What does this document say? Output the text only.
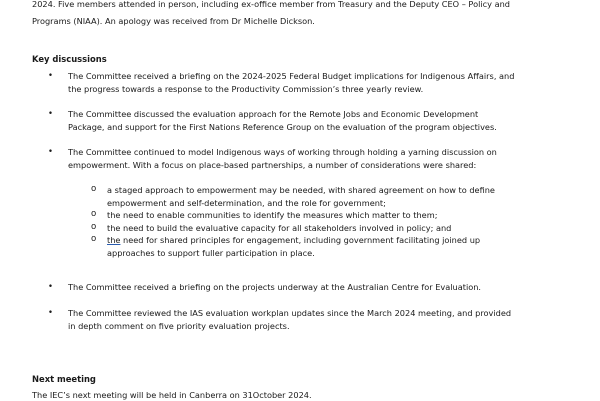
2024. Five members attended in person, including ex-office member from Treasury and the Deputy CEO – Policy and
Programs (NIAA). An apology was received from Dr Michelle Dickson.
Key discussions
• The Committee received a briefing on the 2024-2025 Federal Budget implications for Indigenous Affairs, and
the progress towards a response to the Productivity Commission’s three yearly review.
• The Committee discussed the evaluation approach for the Remote Jobs and Economic Development
Package, and support for the First Nations Reference Group on the evaluation of the program objectives.
• The Committee continued to model Indigenous ways of working through holding a yarning discussion on
empowerment. With a focus on place-based partnerships, a number of considerations were shared:
o a staged approach to empowerment may be needed, with shared agreement on how to define
empowerment and self-determination, and the role for government;
o the need to enable communities to identify the measures which matter to them;
o the need to build the evaluative capacity for all stakeholders involved in policy; and
o the need for shared principles for engagement, including government facilitating joined up
approaches to support fuller participation in place.
• The Committee received a briefing on the projects underway at the Australian Centre for Evaluation.
• The Committee reviewed the IAS evaluation workplan updates since the March 2024 meeting, and provided
in depth comment on five priority evaluation projects.
Next meeting
The IEC’s next meeting will be held in Canberra on 31October 2024.
